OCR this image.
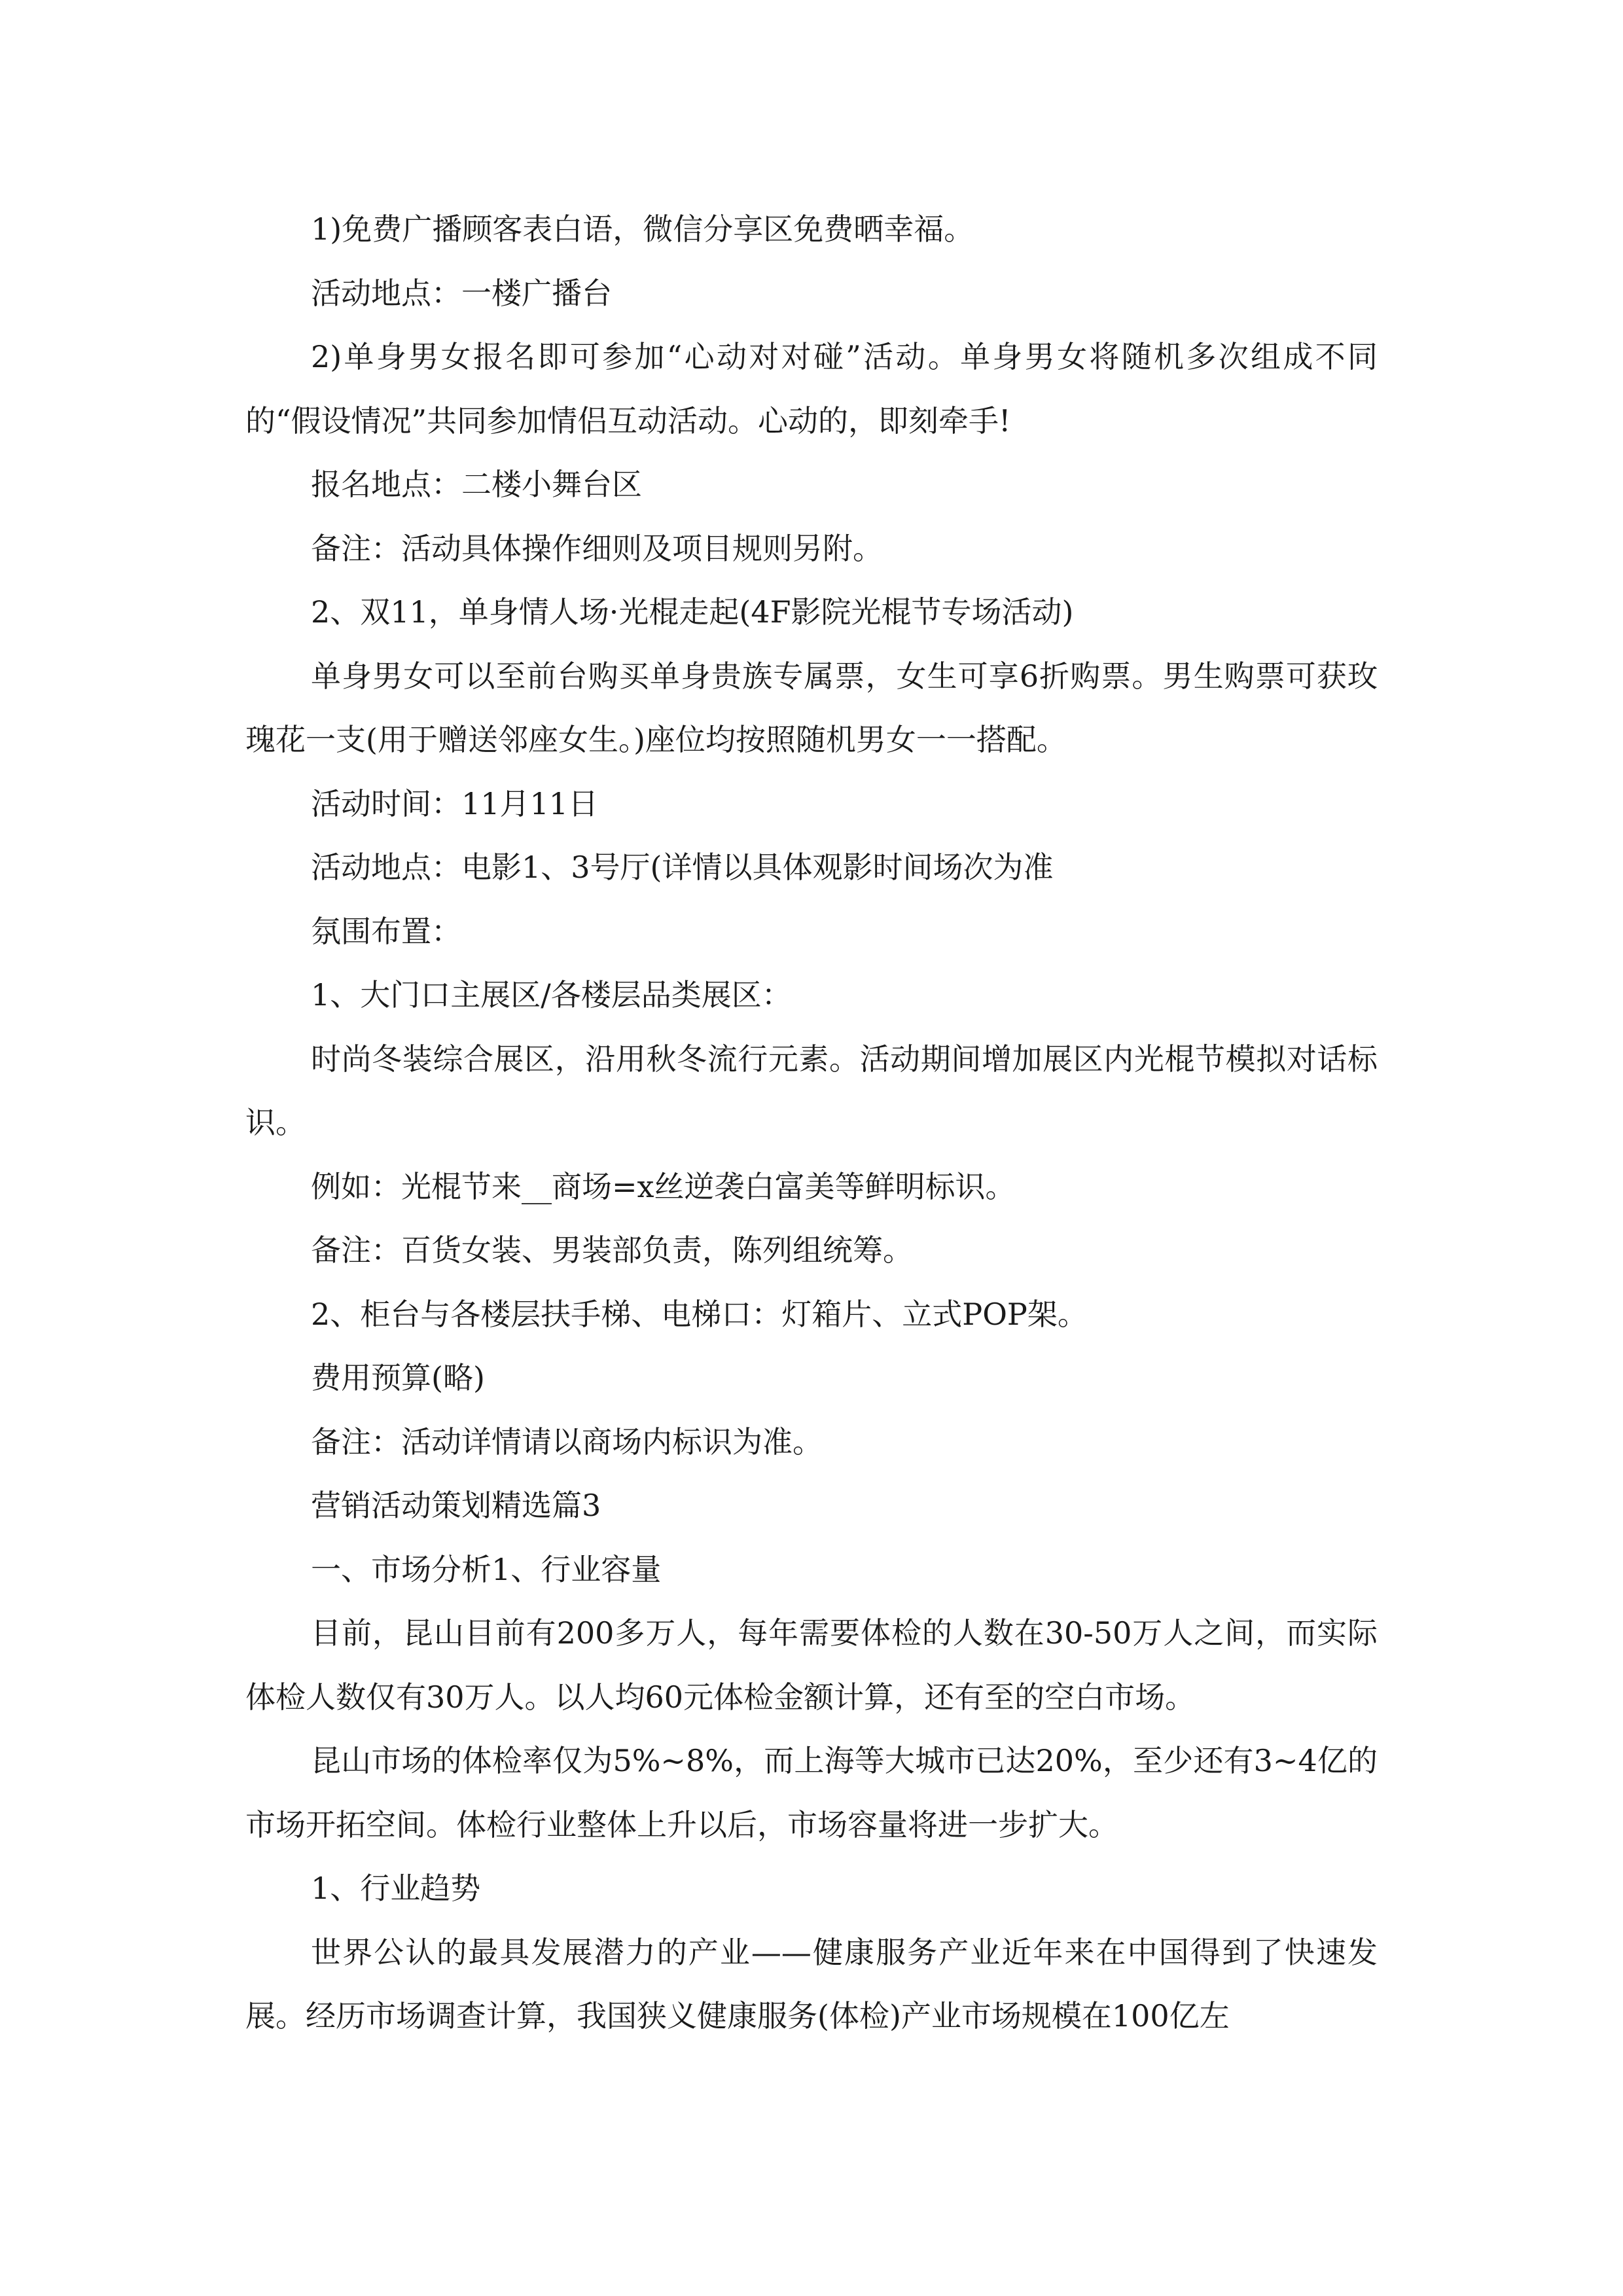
1)免费广播顾客表白语，微信分享区免费晒幸福。

活动地点：一楼广播台

2)单身男女报名即可参加“心动对对碰”活动。单身男女将随机多次组成不同的“假设情况”共同参加情侣互动活动。心动的，即刻牵手!

报名地点：二楼小舞台区

备注：活动具体操作细则及项目规则另附。

2、双11，单身情人场·光棍走起(4F影院光棍节专场活动)

单身男女可以至前台购买单身贵族专属票，女生可享6折购票。男生购票可获玫瑰花一支(用于赠送邻座女生。)座位均按照随机男女一一搭配。

活动时间：11月11日

活动地点：电影1、3号厅(详情以具体观影时间场次为准

氛围布置：

1、大门口主展区/各楼层品类展区：

时尚冬装综合展区，沿用秋冬流行元素。活动期间增加展区内光棍节模拟对话标识。

例如：光棍节来__商场=x丝逆袭白富美等鲜明标识。

备注：百货女装、男装部负责，陈列组统筹。

2、柜台与各楼层扶手梯、电梯口：灯箱片、立式POP架。

费用预算(略)

备注：活动详情请以商场内标识为准。

营销活动策划精选篇3

一、市场分析1、行业容量

目前，昆山目前有200多万人，每年需要体检的人数在30-50万人之间，而实际体检人数仅有30万人。以人均60元体检金额计算，还有至的空白市场。

昆山市场的体检率仅为5%~8%，而上海等大城市已达20%，至少还有3~4亿的市场开拓空间。体检行业整体上升以后，市场容量将进一步扩大。

1、行业趋势

世界公认的最具发展潜力的产业——健康服务产业近年来在中国得到了快速发展。经历市场调查计算，我国狭义健康服务(体检)产业市场规模在100亿左
